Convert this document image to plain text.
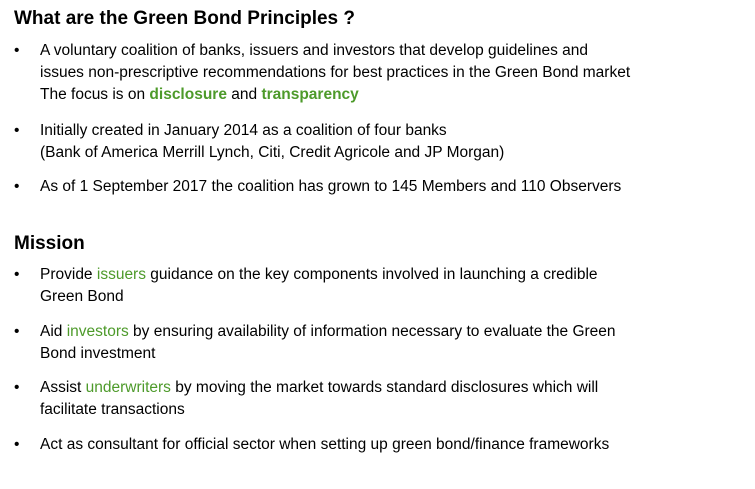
What are the Green Bond Principles ?
•	A voluntary coalition of banks, issuers and investors that develop guidelines and
issues non-prescriptive recommendations for best practices in the Green Bond market
The focus is on disclosure and transparency
•	Initially created in January 2014 as a coalition of four banks
(Bank of America Merrill Lynch, Citi, Credit Agricole and JP Morgan)
•	As of 1 September 2017 the coalition has grown to 145 Members and 110 Observers
Mission
•	Provide issuers guidance on the key components involved in launching a credible
Green Bond
•	Aid investors by ensuring availability of information necessary to evaluate the Green
Bond investment
•	Assist underwriters by moving the market towards standard disclosures which will
facilitate transactions
•	Act as consultant for official sector when setting up green bond/finance frameworks
